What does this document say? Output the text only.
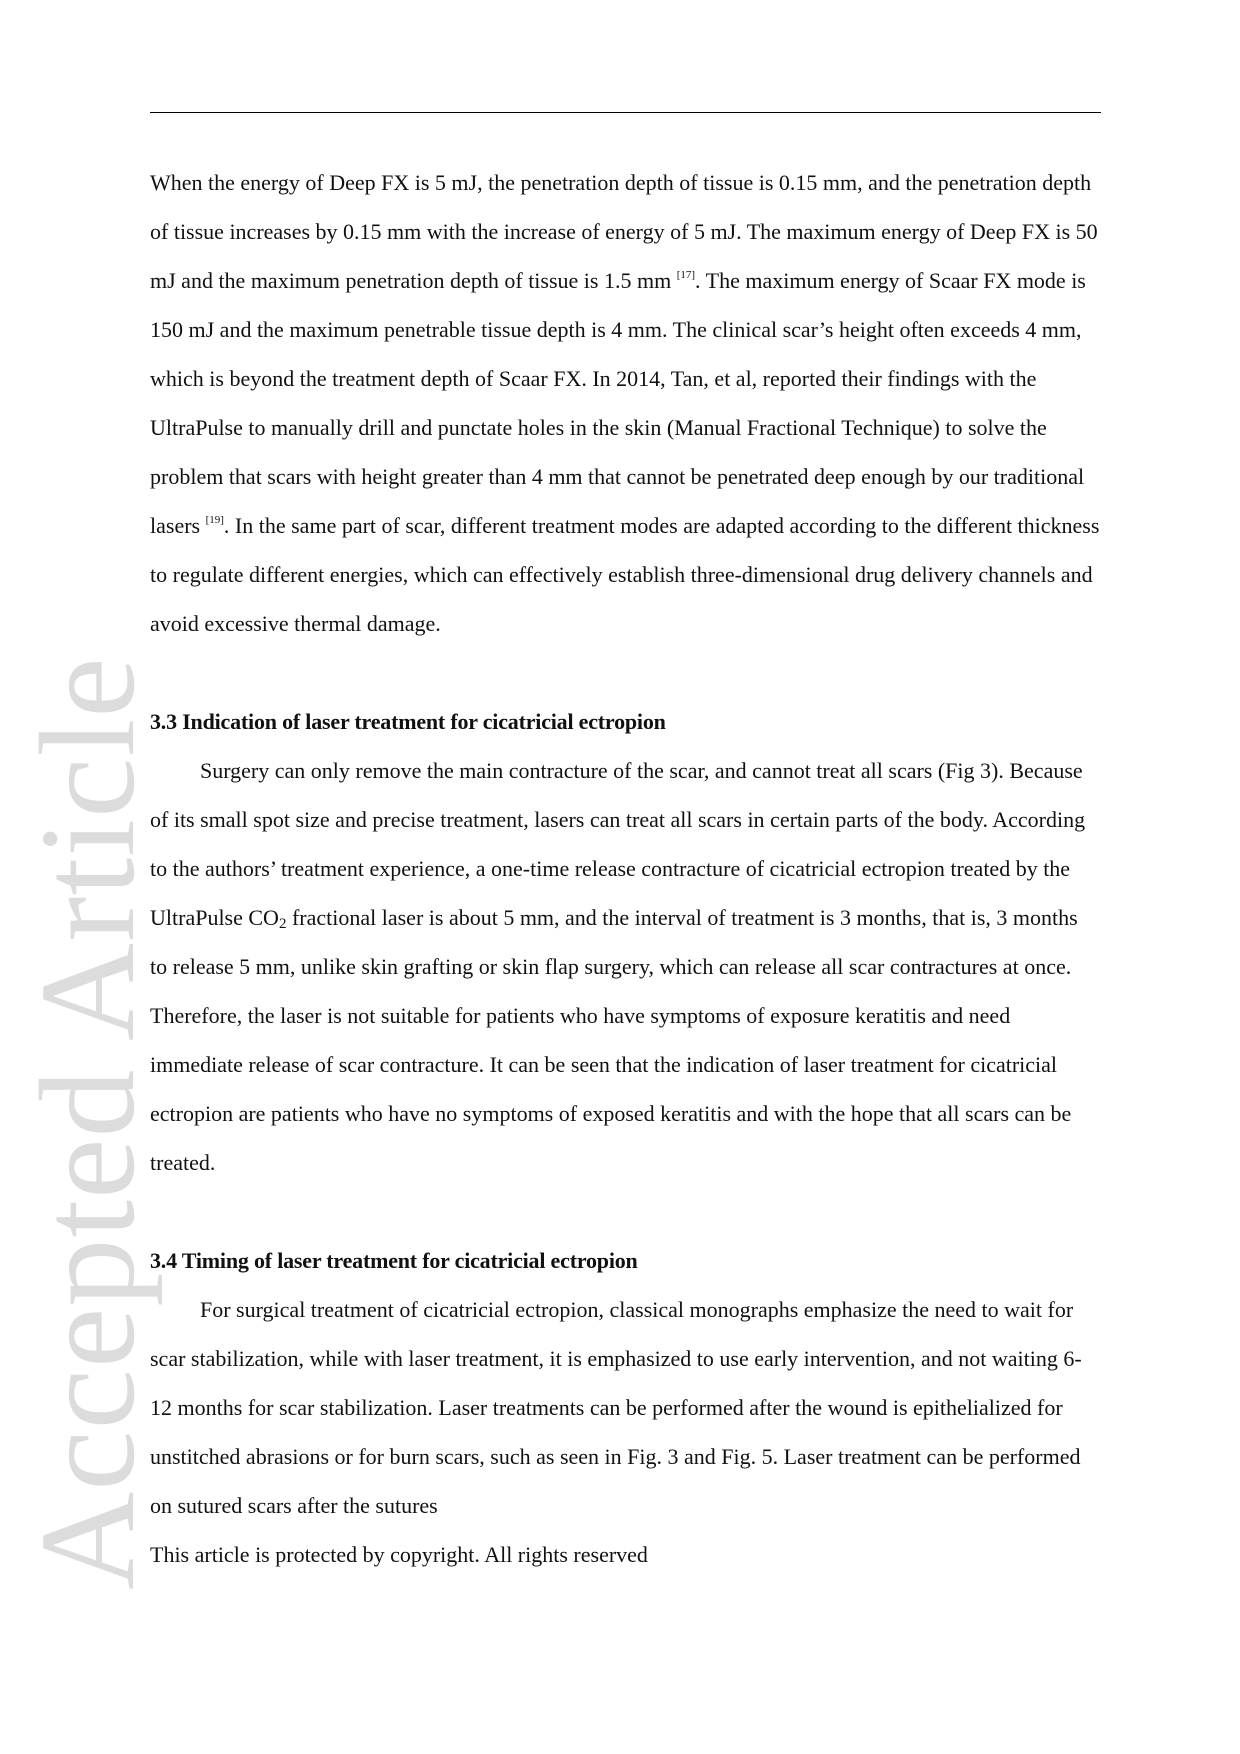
Accepted Article

When the energy of Deep FX is 5 mJ, the penetration depth of tissue is 0.15 mm, and the penetration depth of tissue increases by 0.15 mm with the increase of energy of 5 mJ. The maximum energy of Deep FX is 50 mJ and the maximum penetration depth of tissue is 1.5 mm [17]. The maximum energy of Scaar FX mode is 150 mJ and the maximum penetrable tissue depth is 4 mm. The clinical scar’s height often exceeds 4 mm, which is beyond the treatment depth of Scaar FX. In 2014, Tan, et al, reported their findings with the UltraPulse to manually drill and punctate holes in the skin (Manual Fractional Technique) to solve the problem that scars with height greater than 4 mm that cannot be penetrated deep enough by our traditional lasers [19]. In the same part of scar, different treatment modes are adapted according to the different thickness to regulate different energies, which can effectively establish three-dimensional drug delivery channels and avoid excessive thermal damage.

3.3 Indication of laser treatment for cicatricial ectropion

Surgery can only remove the main contracture of the scar, and cannot treat all scars (Fig 3). Because of its small spot size and precise treatment, lasers can treat all scars in certain parts of the body. According to the authors’ treatment experience, a one-time release contracture of cicatricial ectropion treated by the UltraPulse $CO_2$ fractional laser is about 5 mm, and the interval of treatment is 3 months, that is, 3 months to release 5 mm, unlike skin grafting or skin flap surgery, which can release all scar contractures at once. Therefore, the laser is not suitable for patients who have symptoms of exposure keratitis and need immediate release of scar contracture. It can be seen that the indication of laser treatment for cicatricial ectropion are patients who have no symptoms of exposed keratitis and with the hope that all scars can be treated.

3.4 Timing of laser treatment for cicatricial ectropion

For surgical treatment of cicatricial ectropion, classical monographs emphasize the need to wait for scar stabilization, while with laser treatment, it is emphasized to use early intervention, and not waiting 6-12 months for scar stabilization. Laser treatments can be performed after the wound is epithelialized for unstitched abrasions or for burn scars, such as seen in Fig. 3 and Fig. 5. Laser treatment can be performed on sutured scars after the sutures

This article is protected by copyright. All rights reserved
